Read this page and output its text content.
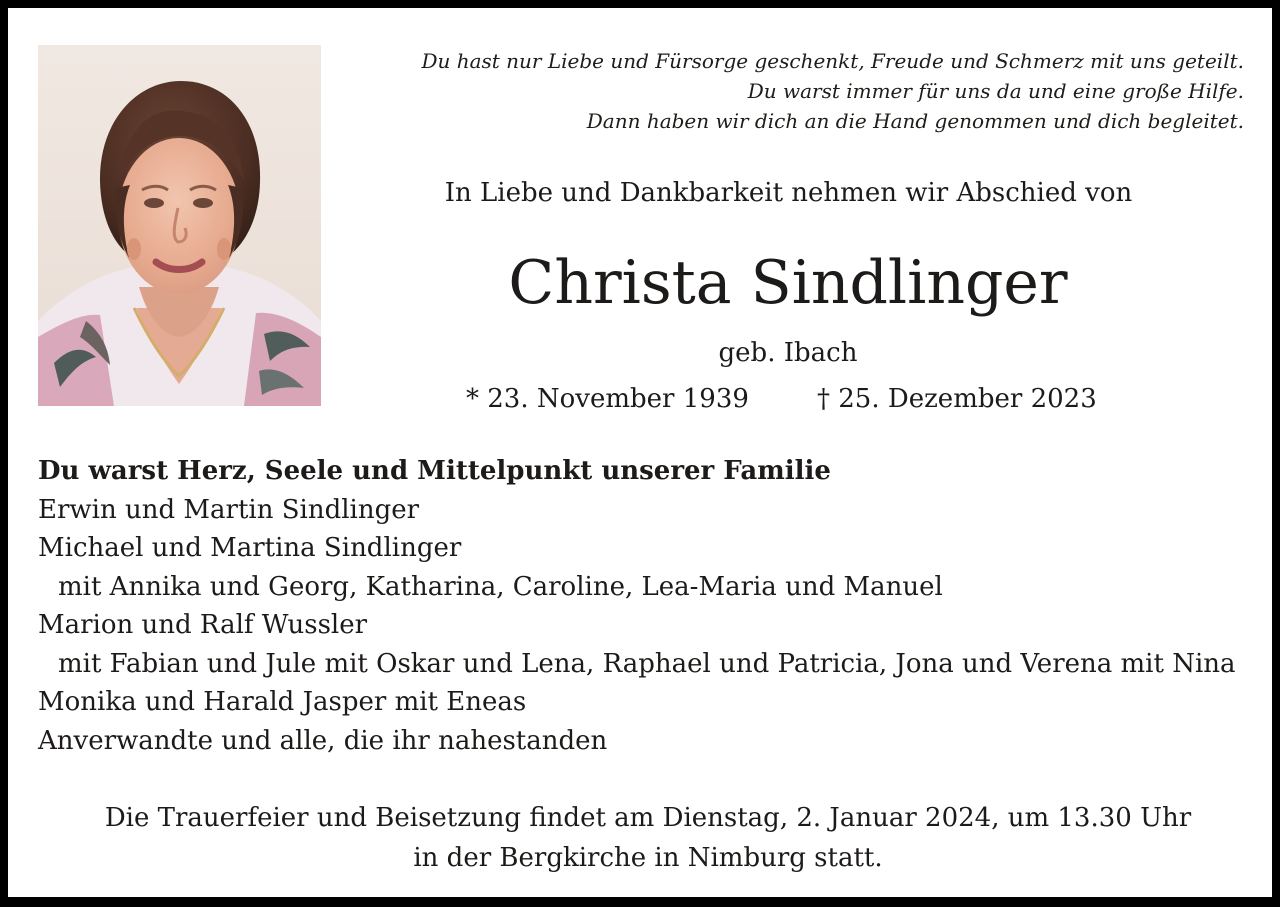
Du hast nur Liebe und Fürsorge geschenkt, Freude und Schmerz mit uns geteilt.
Du warst immer für uns da und eine große Hilfe.
Dann haben wir dich an die Hand genommen und dich begleitet.
In Liebe und Dankbarkeit nehmen wir Abschied von
Christa Sindlinger
geb. Ibach
* 23. November 1939	† 25. Dezember 2023
Du warst Herz, Seele und Mittelpunkt unserer Familie
Erwin und Martin Sindlinger
Michael und Martina Sindlinger
mit Annika und Georg, Katharina, Caroline, Lea-Maria und Manuel
Marion und Ralf Wussler
mit Fabian und Jule mit Oskar und Lena, Raphael und Patricia, Jona und Verena mit Nina
Monika und Harald Jasper mit Eneas
Anverwandte und alle, die ihr nahestanden
Die Trauerfeier und Beisetzung findet am Dienstag, 2. Januar 2024, um 13.30 Uhr
in der Bergkirche in Nimburg statt.
